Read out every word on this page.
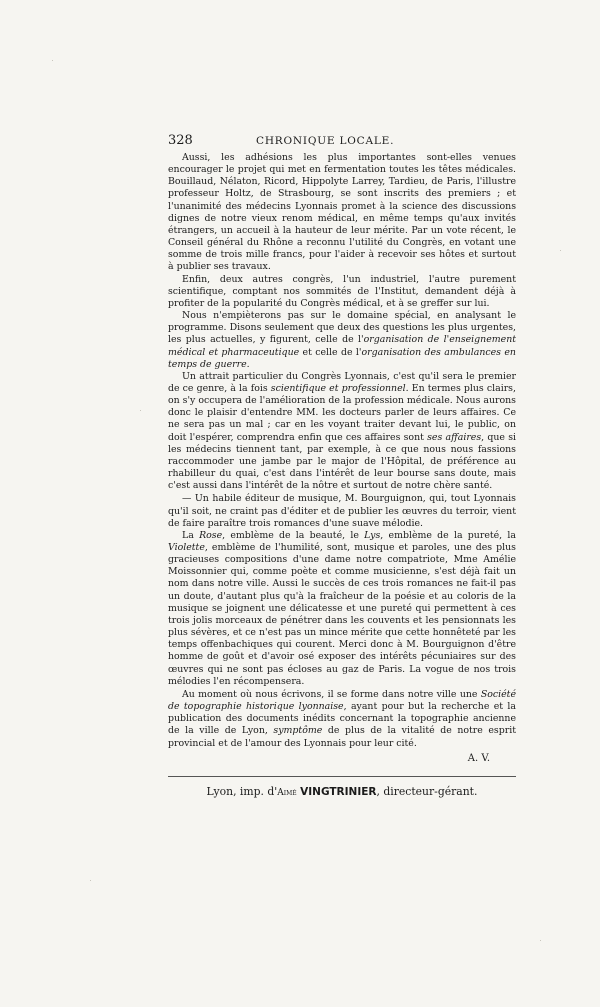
328	CHRONIQUE LOCALE.

Aussi, les adhésions les plus importantes sont-elles venues encourager le projet qui met en fermentation toutes les têtes médicales. Bouillaud, Nélaton, Ricord, Hippolyte Larrey, Tardieu, de Paris, l'illustre professeur Holtz, de Strasbourg, se sont inscrits des premiers ; et l'unanimité des médecins Lyonnais promet à la science des discussions dignes de notre vieux renom médical, en même temps qu'aux invités étrangers, un accueil à la hauteur de leur mérite. Par un vote récent, le Conseil général du Rhône a reconnu l'utilité du Congrès, en votant une somme de trois mille francs, pour l'aider à recevoir ses hôtes et surtout à publier ses travaux.

Enfin, deux autres congrès, l'un industriel, l'autre purement scientifique, comptant nos sommités de l'Institut, demandent déjà à profiter de la popularité du Congrès médical, et à se greffer sur lui.

Nous n'empièterons pas sur le domaine spécial, en analysant le programme. Disons seulement que deux des questions les plus urgentes, les plus actuelles, y figurent, celle de l'organisation de l'enseignement médical et pharmaceutique et celle de l'organisation des ambulances en temps de guerre.

Un attrait particulier du Congrès Lyonnais, c'est qu'il sera le premier de ce genre, à la fois scientifique et professionnel. En termes plus clairs, on s'y occupera de l'amélioration de la profession médicale. Nous aurons donc le plaisir d'entendre MM. les docteurs parler de leurs affaires. Ce ne sera pas un mal ; car en les voyant traiter devant lui, le public, on doit l'espérer, comprendra enfin que ces affaires sont ses affaires, que si les médecins tiennent tant, par exemple, à ce que nous nous fassions raccommoder une jambe par le major de l'Hôpital, de préférence au rhabilleur du quai, c'est dans l'intérêt de leur bourse sans doute, mais c'est aussi dans l'intérêt de la nôtre et surtout de notre chère santé.

— Un habile éditeur de musique, M. Bourguignon, qui, tout Lyonnais qu'il soit, ne craint pas d'éditer et de publier les œuvres du terroir, vient de faire paraître trois romances d'une suave mélodie.

La Rose, emblème de la beauté, le Lys, emblème de la pureté, la Violette, emblème de l'humilité, sont, musique et paroles, une des plus gracieuses compositions d'une dame notre compatriote, Mme Amélie Moissonnier qui, comme poète et comme musicienne, s'est déjà fait un nom dans notre ville. Aussi le succès de ces trois romances ne fait-il pas un doute, d'autant plus qu'à la fraîcheur de la poésie et au coloris de la musique se joignent une délicatesse et une pureté qui permettent à ces trois jolis morceaux de pénétrer dans les couvents et les pensionnats les plus sévères, et ce n'est pas un mince mérite que cette honnêteté par les temps offenbachiques qui courent. Merci donc à M. Bourguignon d'être homme de goût et d'avoir osé exposer des intérêts pécuniaires sur des œuvres qui ne sont pas écloses au gaz de Paris. La vogue de nos trois mélodies l'en récompensera.

Au moment où nous écrivons, il se forme dans notre ville une Société de topographie historique lyonnaise, ayant pour but la recherche et la publication des documents inédits concernant la topographie ancienne de la ville de Lyon, symptôme de plus de la vitalité de notre esprit provincial et de l'amour des Lyonnais pour leur cité.

A. V.
Lyon, imp. d'Aimé VINGTRINIER, directeur-gérant.
